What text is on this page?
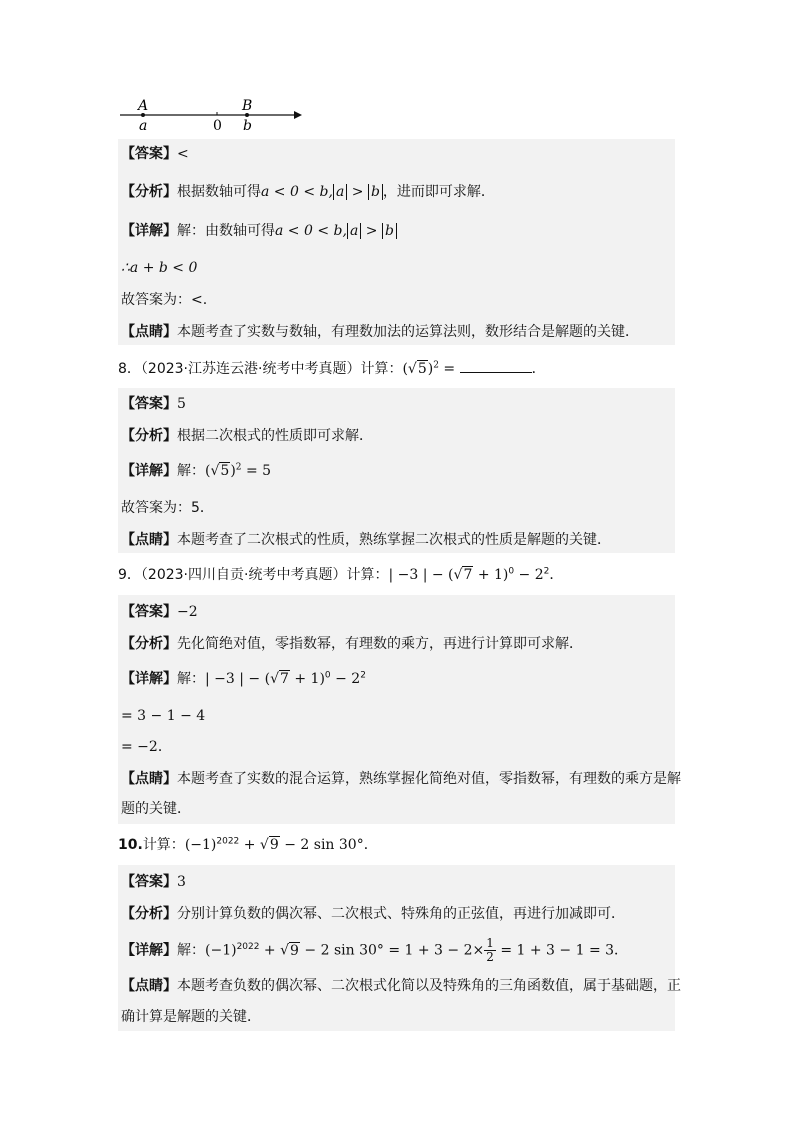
A	B
a	0 b
【答案】<
【分析】根据数轴可得a < 0 < b, a > b ，进而即可求解．
【详解】解：由数轴可得a < 0 < b, a > b
∴a + b < 0
故答案为：<.
【点睛】本题考查了实数与数轴，有理数加法的运算法则，数形结合是解题的关键．
8．（2023·江苏连云港·统考中考真题）计算：$(√5)^2$ =	．
【答案】5
【分析】根据二次根式的性质即可求解．
【详解】解：$(√5)^2 = 5$
故答案为：5．
【点睛】本题考查了二次根式的性质，熟练掌握二次根式的性质是解题的关键．
9．（2023·四川自贡·统考中考真题）计算：| −3 | − $(√7 + 1)^0 - 2^2$．
【答案】−2
【分析】先化简绝对值，零指数幂，有理数的乘方，再进行计算即可求解．
【详解】解：| −3 | − $(√7 + 1)^0 - 2^2$
= 3 − 1 − 4
= −2．
【点睛】本题考查了实数的混合运算，熟练掌握化简绝对值，零指数幂，有理数的乘方是解
题的关键．
10.计算：$(-1)^{2022} + √9 - 2$ sin 30°．
【答案】3
【分析】分别计算负数的偶次幂、二次根式、特殊角的正弦值，再进行加减即可．
【详解】解：$(-1)^{2022} + √9 - 2$ $\sin 30^\circ = 1 + 3 - 2\times \frac{1}{2} = 1 + 3 - 1 = 3$．
【点睛】本题考查负数的偶次幂、二次根式化简以及特殊角的三角函数值，属于基础题，正
确计算是解题的关键．
